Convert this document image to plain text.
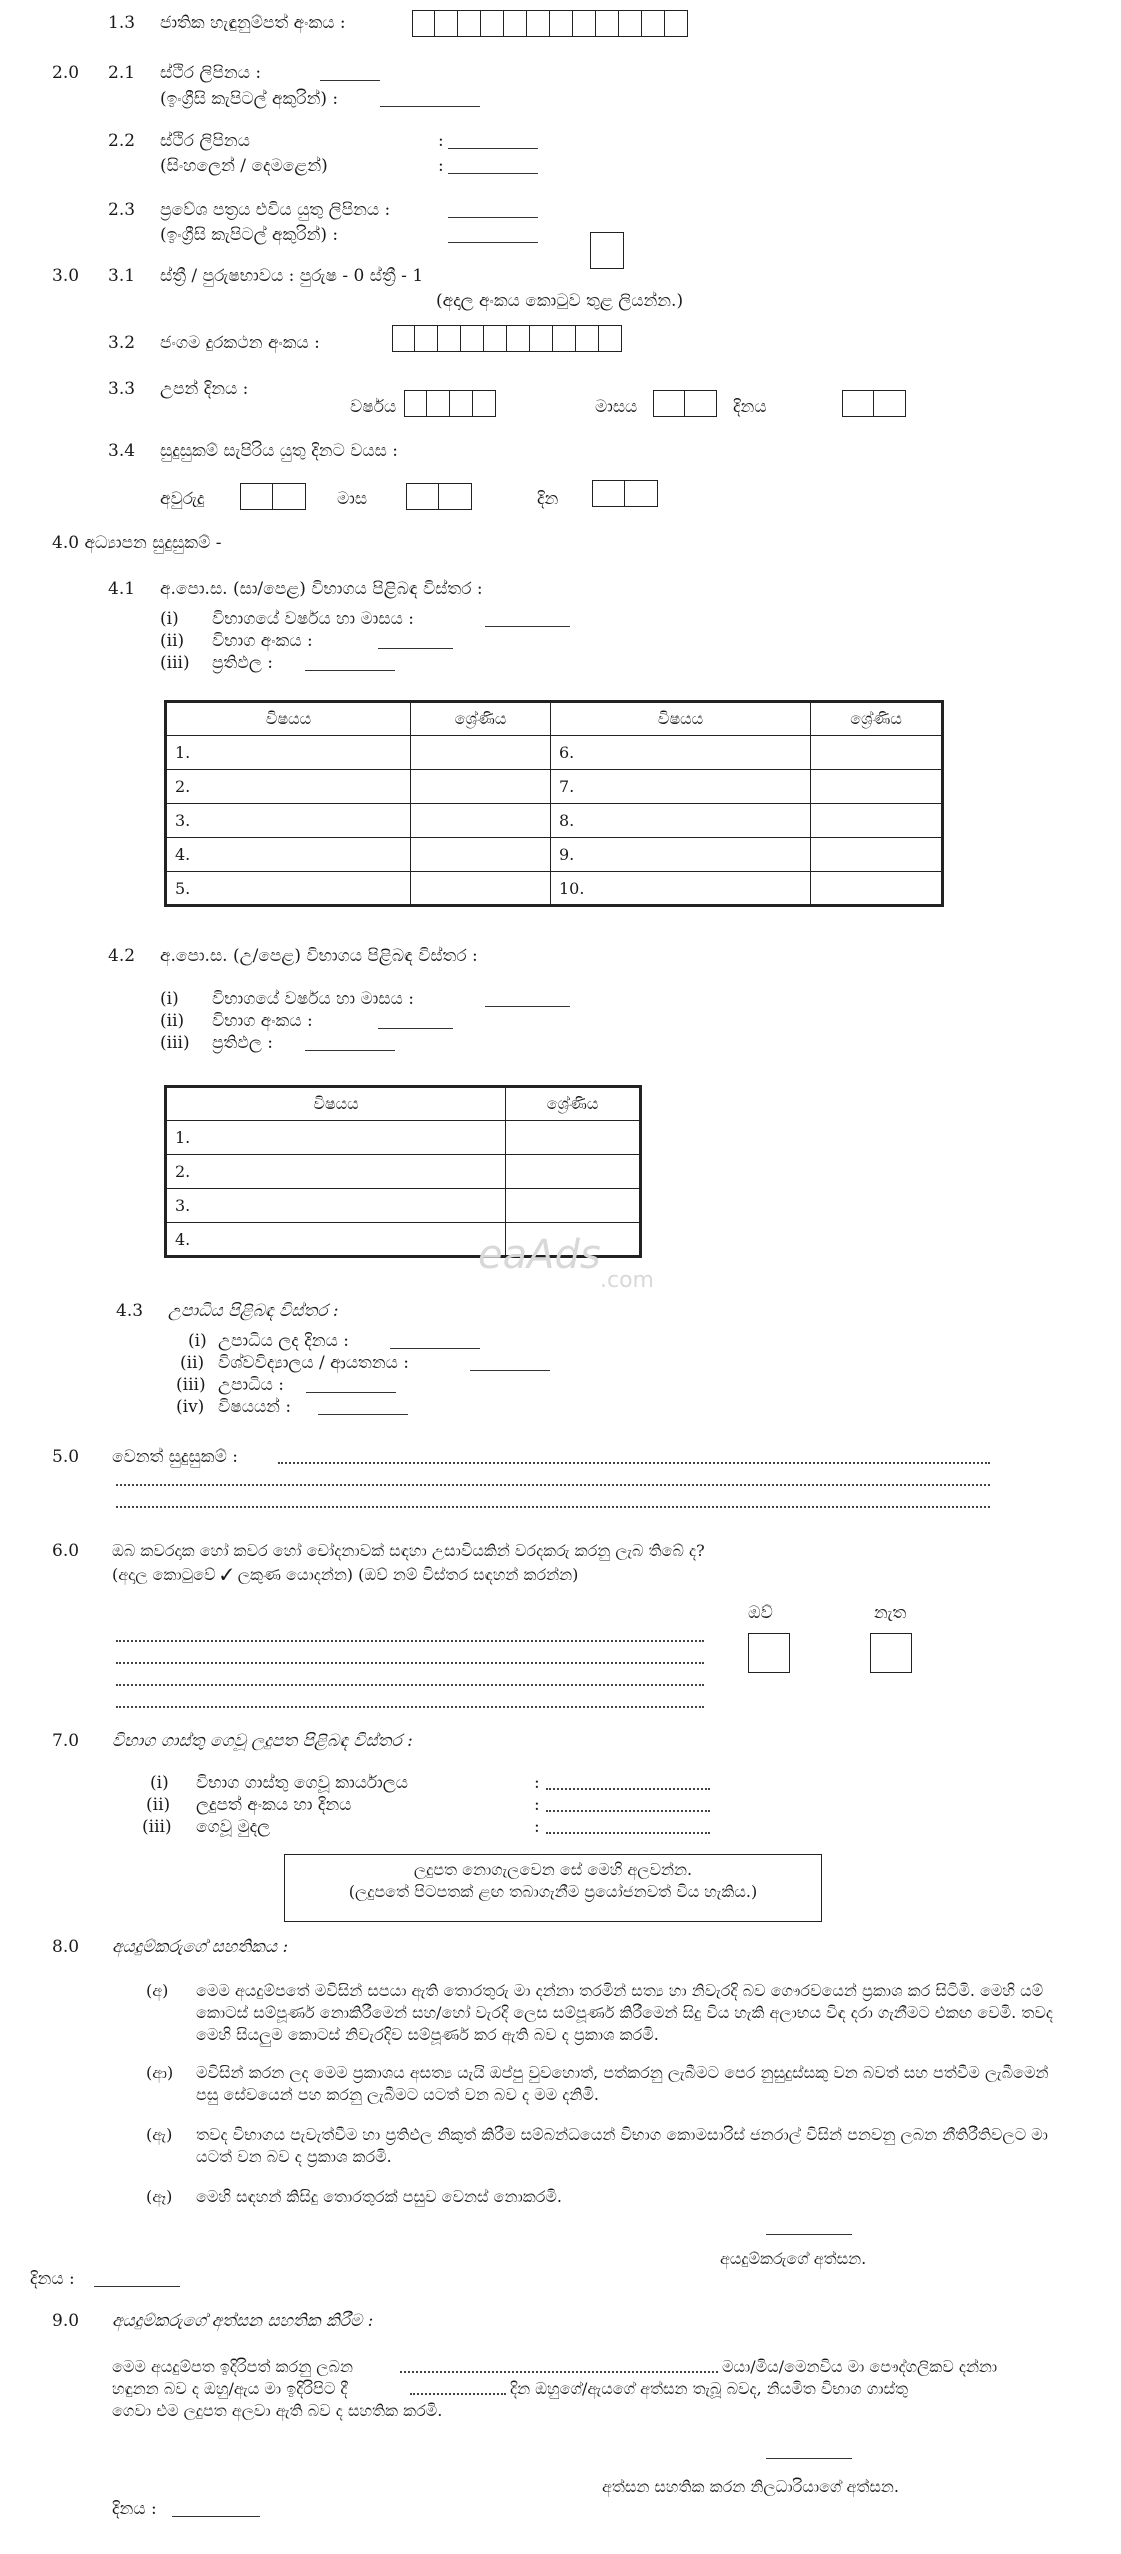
1.3 ජාතික හැඳුනුම්පත් අංකය :
2.0 2.1 ස්ථිර ලිපිනය :
(ඉංග්‍රීසි කැපිටල් අකුරින්) :
2.2 ස්ථිර ලිපිනය
(සිංහලෙන් / දෙමළෙන්)
:
:
2.3 ප්‍රවේශ පත්‍රය එවිය යුතු ලිපිනය :
(ඉංග්‍රීසි කැපිටල් අකුරින්) :
3.0 3.1 ස්ත්‍රී / පුරුෂභාවය : පුරුෂ - 0 ස්ත්‍රී - 1
(අදාල අංකය කොටුව තුළ ලියන්න.)
3.2 ජංගම දුරකථන අංකය :
3.3 උපන් දිනය :
වර්ෂය	මාසය	දිනය
3.4 සුදුසුකම් සැපිරිය යුතු දිනට වයස :
අවුරුදු	මාස	දින
4.0 අධ්‍යාපන සුදුසුකම් -
4.1 අ.පො.ස. (සා/පෙළ) විභාගය පිළිබඳ විස්තර :
(i) විභාගයේ වර්ෂය හා මාසය :
(ii) විභාග අංකය :
(iii) ප්‍රතිඵල :
විෂයය	ශ්‍රේණිය	විෂයය	ශ්‍රේණිය
1.		6.	
2.		7.	
3.		8.	
4.		9.	
5.		10.	
4.2 අ.පො.ස. (උ/පෙළ) විභාගය පිළිබඳ විස්තර :
(i) විභාගයේ වර්ෂය හා මාසය :
(ii) විභාග අංකය :
(iii) ප්‍රතිඵල :
විෂයය	ශ්‍රේණිය
1.	
2.	
3.	
4.		eaAds
.com
4.3 උපාධිය පිළිබඳ විස්තර :
(i) උපාධිය ලද දිනය :
(ii) විශ්වවිද්‍යාලය / ආයතනය :
(iii) උපාධිය :
(iv) විෂයයන් :
5.0 වෙනත් සුදුසුකම් :
6.0 ඔබ කවරදාක හෝ කවර හෝ චෝදනාවක් සඳහා උසාවියකින් වරදකරු කරනු ලැබ තිබේ ද?
(අදාල කොටුවේ ✓ ලකුණ යොදන්න) (ඔව් නම් විස්තර සඳහන් කරන්න)
ඔව්	නැත
7.0 විභාග ගාස්තු ගෙවූ ලදුපත පිළිබඳ විස්තර :
(i) විභාග ගාස්තු ගෙවූ කාර්යාලය	:
(ii) ලදුපත් අංකය හා දිනය	:
(iii) ගෙවූ මුදල	:
ලදුපත නොගැලවෙන සේ මෙහි අලවන්න.
(ලදුපතේ පිටපතක් ළඟ තබාගැනීම ප්‍රයෝජනවත් විය හැකිය.)
8.0 අයදුම්කරුගේ සහතිකය :
(අ) මෙම අයදුම්පතේ මවිසින් සපයා ඇති තොරතුරු මා දන්නා තරමින් සත්‍ය හා නිවැරදි බව ගෞරවයෙන් ප්‍රකාශ කර සිටිමි. මෙහි යම් කොටස් සම්පූර්ණ නොකිරීමෙන් සහ/හෝ වැරදි ලෙස සම්පූර්ණ කිරීමෙන් සිදු විය හැකි අලාභය විඳ දරා ගැනීමට එකඟ වෙමි. තවද මෙහි සියලුම කොටස් නිවැරදිව සම්පූර්ණ කර ඇති බව ද ප්‍රකාශ කරමි.
(ආ) මවිසින් කරන ලද මෙම ප්‍රකාශය අසත්‍ය යැයි ඔප්පු වුවහොත්, පත්කරනු ලැබීමට පෙර නුසුදුස්සකු වන බවත් සහ පත්වීම ලැබීමෙන් පසු සේවයෙන් පහ කරනු ලැබීමට යටත් වන බව ද මම දනිමි.
(ඇ) තවද විභාගය පැවැත්වීම හා ප්‍රතිඵල නිකුත් කිරීම සම්බන්ධයෙන් විභාග කොමසාරිස් ජනරාල් විසින් පනවනු ලබන නීතිරීතිවලට මා යටත් වන බව ද ප්‍රකාශ කරමි.
(ඈ) මෙහි සඳහන් කිසිදු තොරතුරක් පසුව වෙනස් නොකරමි.
අයදුම්කරුගේ අත්සන.
දිනය :
9.0 අයදුම්කරුගේ අත්සන සහතික කිරීම :
මෙම අයදුම්පත ඉදිරිපත් කරනු ලබන	මයා/මිය/මෙනවිය මා පෞද්ගලිකව දන්නා
හඳුනන බව ද ඔහු/ඇය මා ඉදිරිපිට දී	දින ඔහුගේ/ඇයගේ අත්සන තැබූ බවද, නියමිත විභාග ගාස්තු
ගෙවා එම ලදුපත අලවා ඇති බව ද සහතික කරමි.
අත්සන සහතික කරන නිලධාරියාගේ අත්සන.
දිනය :
